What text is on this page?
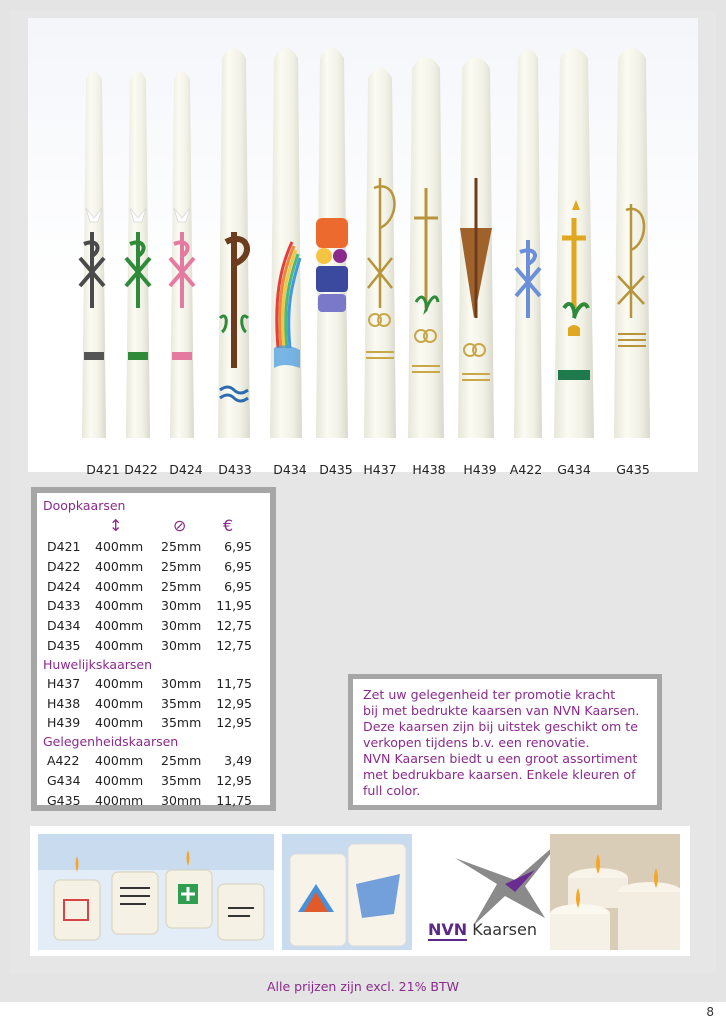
D421 D422 D424 D433 D434 D435 H437 H438 H439 A422 G434 G435
Doopkaarsen
↕	⊘ €
D421 400mm 25mm 6,95
D422 400mm 25mm 6,95
D424 400mm 25mm 6,95
D433 400mm 30mm 11,95
D434 400mm 30mm 12,75
D435 400mm 30mm 12,75
Huwelijkskaarsen
H437 400mm 30mm 11,75
H438 400mm 35mm 12,95
H439 400mm 35mm 12,95
Gelegenheidskaarsen
A422 400mm 25mm 3,49
G434 400mm 35mm 12,95
G435 400mm 30mm 11,75

Zet uw gelegenheid ter promotie kracht

bij met bedrukte kaarsen van NVN Kaarsen.

Deze kaarsen zijn bij uitstek geschikt om te

verkopen tijdens b.v. een renovatie.

NVN Kaarsen biedt u een groot assortiment

met bedrukbare kaarsen. Enkele kleuren of

full color.

NVN Kaarsen
Alle prijzen zijn excl. 21% BTW
8
